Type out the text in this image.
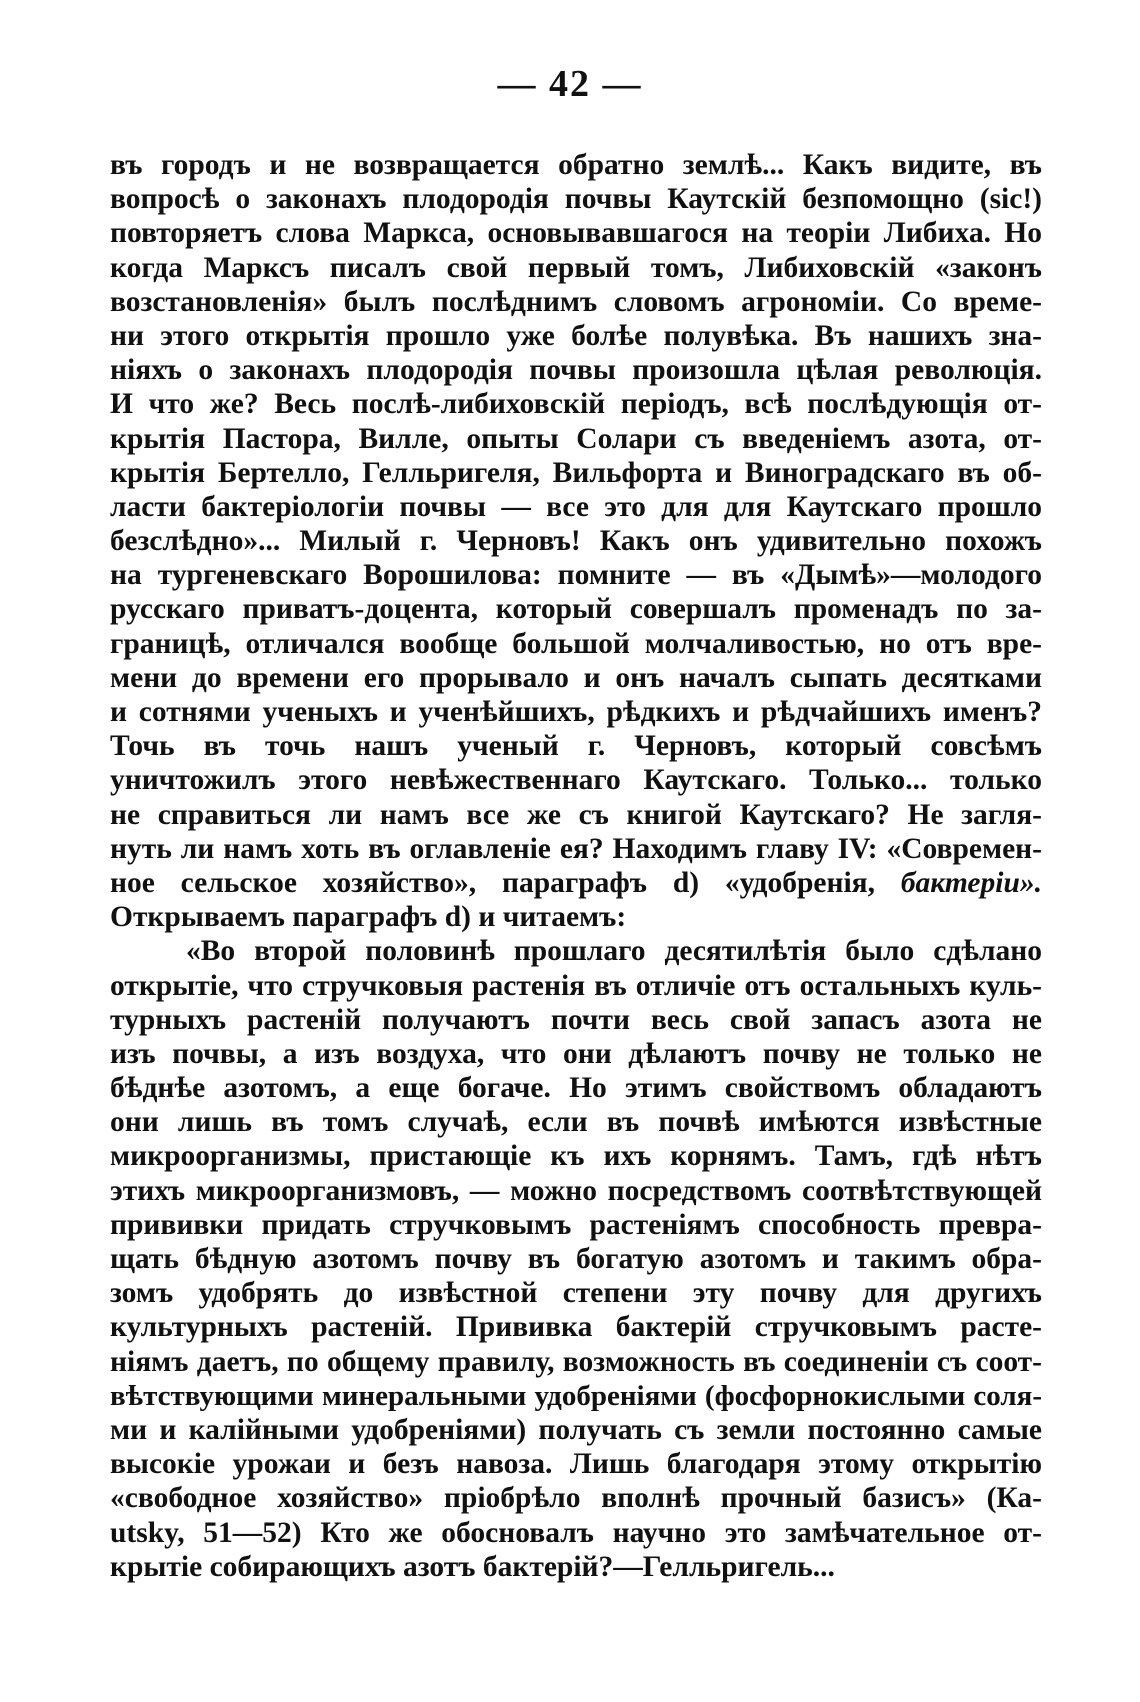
— 42 —
въ городъ и не возвращается обратно землѣ... Какъ видите, въ
вопросѣ о законахъ плодородія почвы Каутскій безпомощно (sic!)
повторяетъ слова Маркса, основывавшагося на теоріи Либиха. Но
когда Марксъ писалъ свой первый томъ, Либиховскій «законъ
возстановленія» былъ послѣднимъ словомъ агрономіи. Со време-
ни этого открытія прошло уже болѣе полувѣка. Въ нашихъ зна-
ніяхъ о законахъ плодородія почвы произошла цѣлая революція.
И что же? Весь послѣ-либиховскій періодъ, всѣ послѣдующія от-
крытія Пастора, Вилле, опыты Солари съ введеніемъ азота, от-
крытія Бертелло, Гелльригеля, Вильфорта и Виноградскаго въ об-
ласти бактеріологіи почвы — все это для для Каутскаго прошло
безслѣдно»... Милый г. Черновъ! Какъ онъ удивительно похожъ
на тургеневскаго Ворошилова: помните — въ «Дымѣ»—молодого
русскаго приватъ-доцента, который совершалъ променадъ по за-
границѣ, отличался вообще большой молчаливостью, но отъ вре-
мени до времени его прорывало и онъ началъ сыпать десятками
и сотнями ученыхъ и ученѣйшихъ, рѣдкихъ и рѣдчайшихъ именъ?
Точь въ точь нашъ ученый г. Черновъ, который совсѣмъ
уничтожилъ этого невѣжественнаго Каутскаго. Только... только
не справиться ли намъ все же съ книгой Каутскаго? Не загля-
нуть ли намъ хоть въ оглавленіе ея? Находимъ главу IV: «Современ-
ное сельское хозяйство», параграфъ d) «удобренія, бактеріи».
Открываемъ параграфъ d) и читаемъ:
«Во второй половинѣ прошлаго десятилѣтія было сдѣлано
открытіе, что стручковыя растенія въ отличіе отъ остальныхъ куль-
турныхъ растеній получаютъ почти весь свой запасъ азота не
изъ почвы, а изъ воздуха, что они дѣлаютъ почву не только не
бѣднѣе азотомъ, а еще богаче. Но этимъ свойствомъ обладаютъ
они лишь въ томъ случаѣ, если въ почвѣ имѣются извѣстные
микроорганизмы, пристающіе къ ихъ корнямъ. Тамъ, гдѣ нѣтъ
этихъ микроорганизмовъ, — можно посредствомъ соотвѣтствующей
прививки придать стручковымъ растеніямъ способность превра-
щать бѣдную азотомъ почву въ богатую азотомъ и такимъ обра-
зомъ удобрять до извѣстной степени эту почву для другихъ
культурныхъ растеній. Прививка бактерій стручковымъ расте-
ніямъ даетъ, по общему правилу, возможность въ соединеніи съ соот-
вѣтствующими минеральными удобреніями (фосфорнокислыми соля-
ми и калійными удобреніями) получать съ земли постоянно самые
высокіе урожаи и безъ навоза. Лишь благодаря этому открытію
«свободное хозяйство» пріобрѣло вполнѣ прочный базисъ» (Ка-
utsky, 51—52) Кто же обосновалъ научно это замѣчательное от-
крытіе собирающихъ азотъ бактерій?—Гелльригель...
